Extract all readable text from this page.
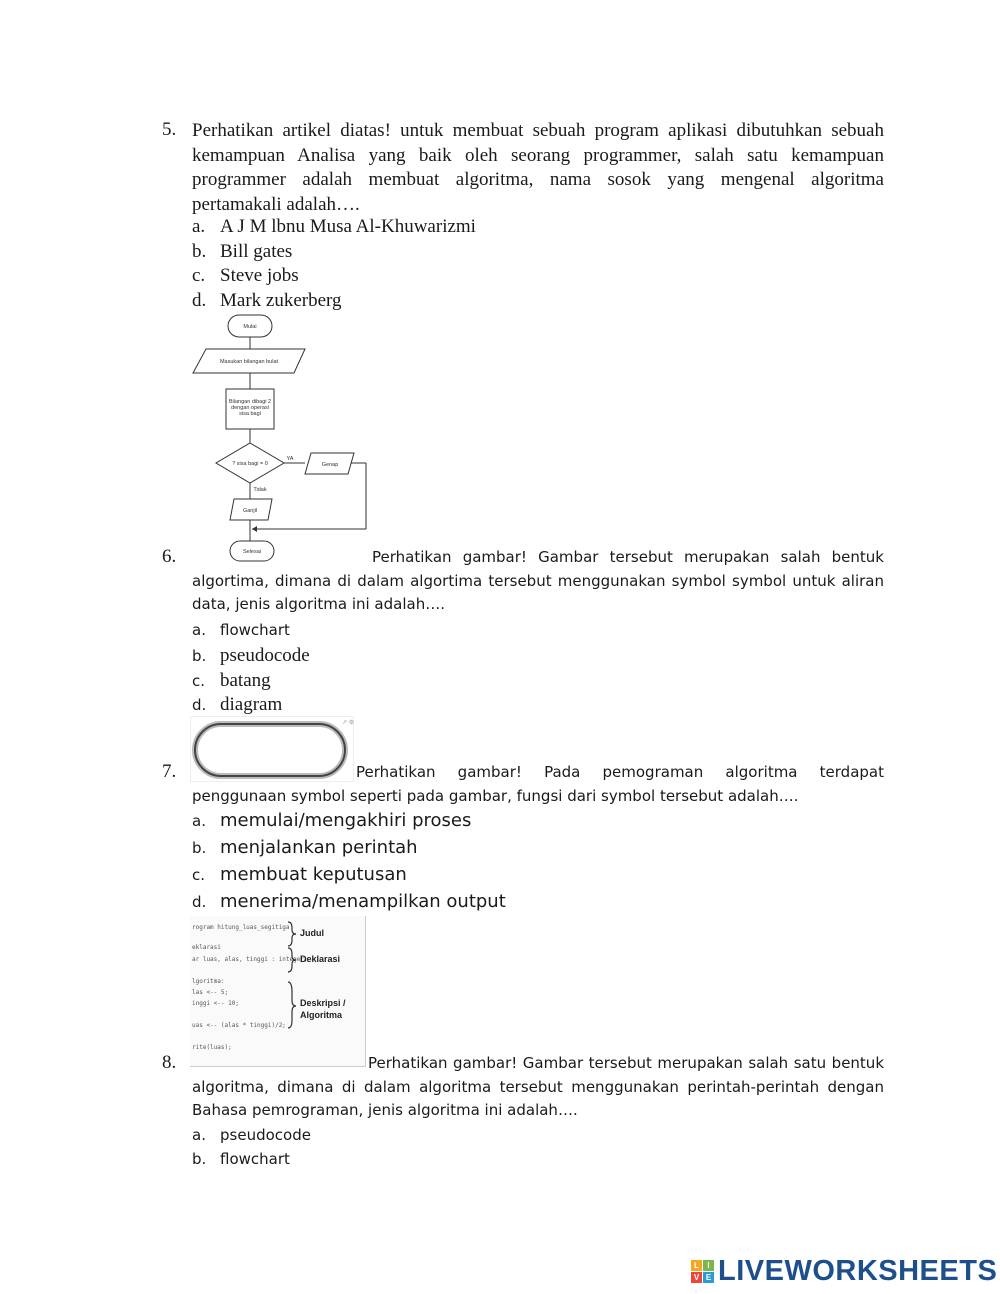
5. Perhatikan artikel diatas! untuk membuat sebuah program aplikasi dibutuhkan sebuah kemampuan Analisa yang baik oleh seorang programmer, salah satu kemampuan programmer adalah membuat algoritma, nama sosok yang mengenal algoritma pertamakali adalah….
a. A J M lbnu Musa Al-Khuwarizmi
b. Bill gates
c. Steve jobs
d. Mark zukerberg
Mulai
Masukan bilangan bulat
Bilangan dibagi 2
dengan operasi
sisa bagi
? sisa bagi = 0
YA
Genap
Tidak
Ganjil
Selesai
6.	Perhatikan gambar! Gambar tersebut merupakan salah bentuk algortima, dimana di dalam algortima tersebut menggunakan symbol symbol untuk aliran data, jenis algoritma ini adalah….
a. flowchart
b. pseudocode
c. batang
d. diagram
↗ ⚙
7.	Perhatikan gambar! Pada pemograman algoritma terdapat penggunaan symbol seperti pada gambar, fungsi dari symbol tersebut adalah….
a. memulai/mengakhiri proses
b. menjalankan perintah
c. membuat keputusan
d. menerima/menampilkan output
rogram hitung_luas_segitiga
eklarasi
ar luas, alas, tinggi : integer;
lgoritma:
las <-- 5;
inggi <-- 10;
uas <-- (alas * tinggi)/2;
rite(luas);
Judul
Deklarasi
Deskripsi /
Algoritma
8.	Perhatikan gambar! Gambar tersebut merupakan salah satu bentuk algoritma, dimana di dalam algoritma tersebut menggunakan perintah-perintah dengan Bahasa pemrograman, jenis algoritma ini adalah….
a. pseudocode
b. flowchart
L	I
V E LIVEWORKSHEETS
